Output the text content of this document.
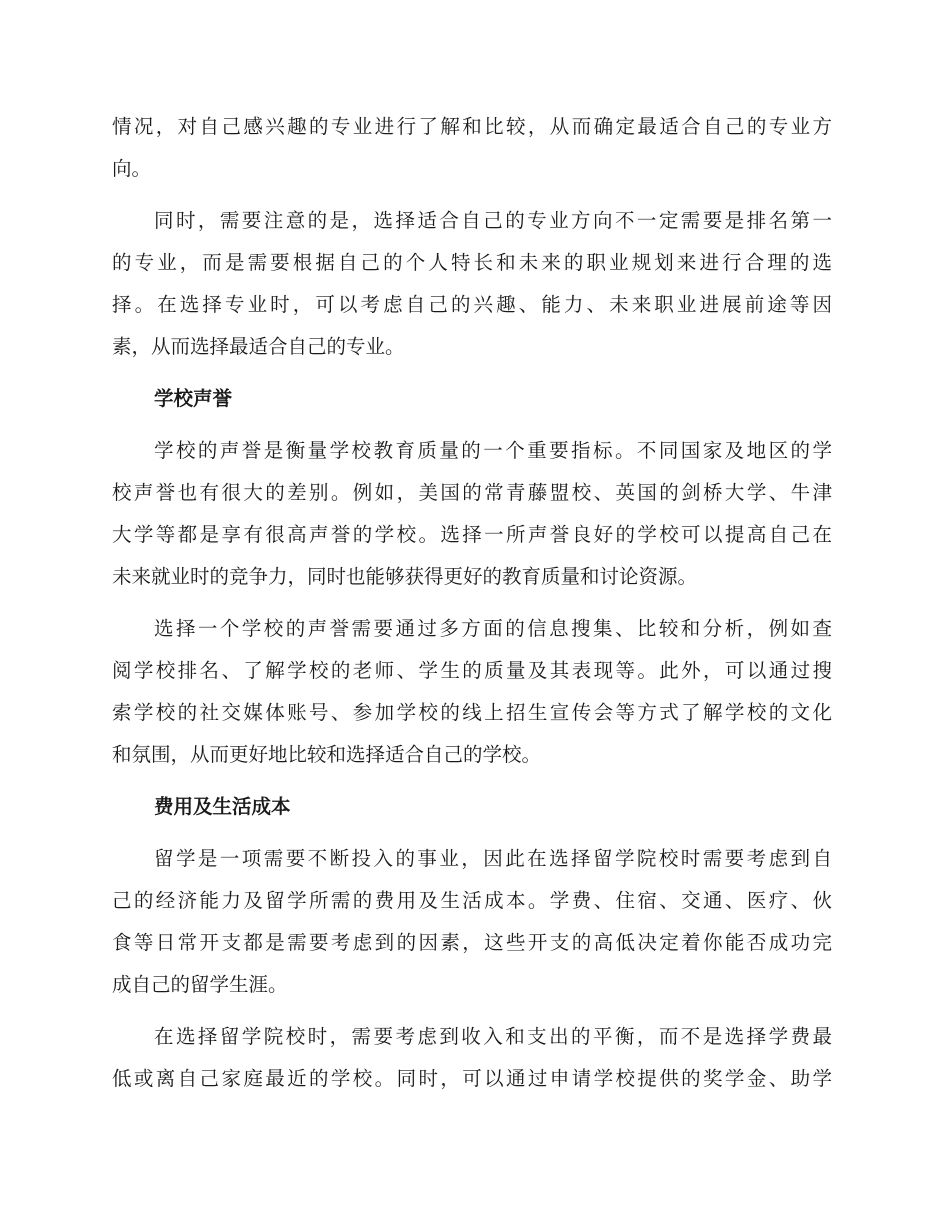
情况，对自己感兴趣的专业进行了解和比较，从而确定最适合自己的专业方
向。
同时，需要注意的是，选择适合自己的专业方向不一定需要是排名第一
的专业，而是需要根据自己的个人特长和未来的职业规划来进行合理的选
择。在选择专业时，可以考虑自己的兴趣、能力、未来职业进展前途等因
素，从而选择最适合自己的专业。
学校声誉
学校的声誉是衡量学校教育质量的一个重要指标。不同国家及地区的学
校声誉也有很大的差别。例如，美国的常青藤盟校、英国的剑桥大学、牛津
大学等都是享有很高声誉的学校。选择一所声誉良好的学校可以提高自己在
未来就业时的竞争力，同时也能够获得更好的教育质量和讨论资源。
选择一个学校的声誉需要通过多方面的信息搜集、比较和分析，例如查
阅学校排名、了解学校的老师、学生的质量及其表现等。此外，可以通过搜
索学校的社交媒体账号、参加学校的线上招生宣传会等方式了解学校的文化
和氛围，从而更好地比较和选择适合自己的学校。
费用及生活成本
留学是一项需要不断投入的事业，因此在选择留学院校时需要考虑到自
己的经济能力及留学所需的费用及生活成本。学费、住宿、交通、医疗、伙
食等日常开支都是需要考虑到的因素，这些开支的高低决定着你能否成功完
成自己的留学生涯。
在选择留学院校时，需要考虑到收入和支出的平衡，而不是选择学费最
低或离自己家庭最近的学校。同时，可以通过申请学校提供的奖学金、助学
